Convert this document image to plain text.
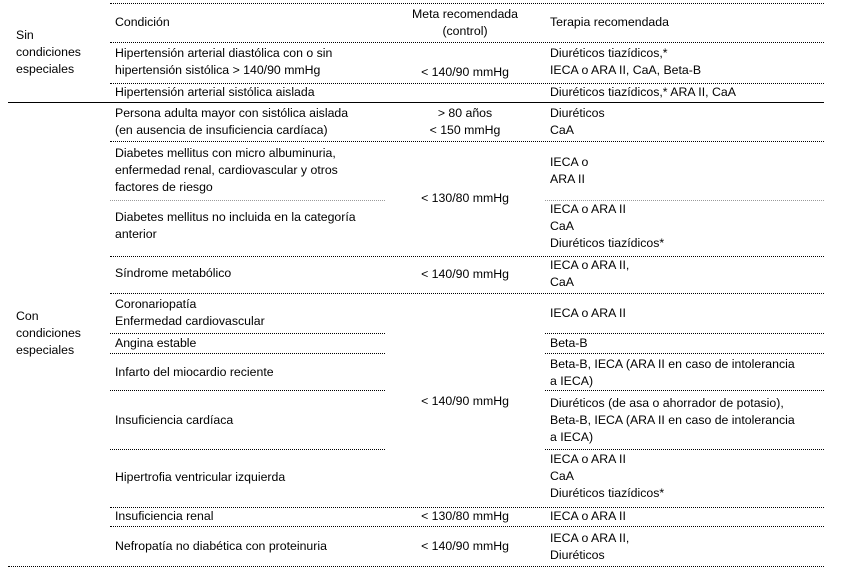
Condición
Meta recomendada
(control)
Terapia recomendada
Sin
condiciones
especiales
Con
condiciones
especiales
Hipertensión arterial diastólica con o sin
hipertensión sistólica > 140/90 mmHg
Hipertensión arterial sistólica aislada
Persona adulta mayor con sistólica aislada
(en ausencia de insuficiencia cardíaca)
Diabetes mellitus con micro albuminuria,
enfermedad renal, cardiovascular y otros
factores de riesgo
Diabetes mellitus no incluida en la categoría
anterior
Síndrome metabólico
Coronariopatía
Enfermedad cardiovascular
Angina estable
Infarto del miocardio reciente
Insuficiencia cardíaca
Hipertrofia ventricular izquierda
Insuficiencia renal
Nefropatía no diabética con proteinuria
< 140/90 mmHg
> 80 años
< 150 mmHg
< 130/80 mmHg
< 140/90 mmHg
< 140/90 mmHg
< 130/80 mmHg
< 140/90 mmHg
Diuréticos tiazídicos,*
IECA o ARA II, CaA, Beta-B
Diuréticos tiazídicos,* ARA II, CaA
Diuréticos
CaA
IECA o
ARA II
IECA o ARA II
CaA
Diuréticos tiazídicos*
IECA o ARA II,
CaA
IECA o ARA II
Beta-B
Beta-B, IECA (ARA II en caso de intolerancia
a IECA)
Diuréticos (de asa o ahorrador de potasio),
Beta-B, IECA (ARA II en caso de intolerancia
a IECA)
IECA o ARA II
CaA
Diuréticos tiazídicos*
IECA o ARA II
IECA o ARA II,
Diuréticos
